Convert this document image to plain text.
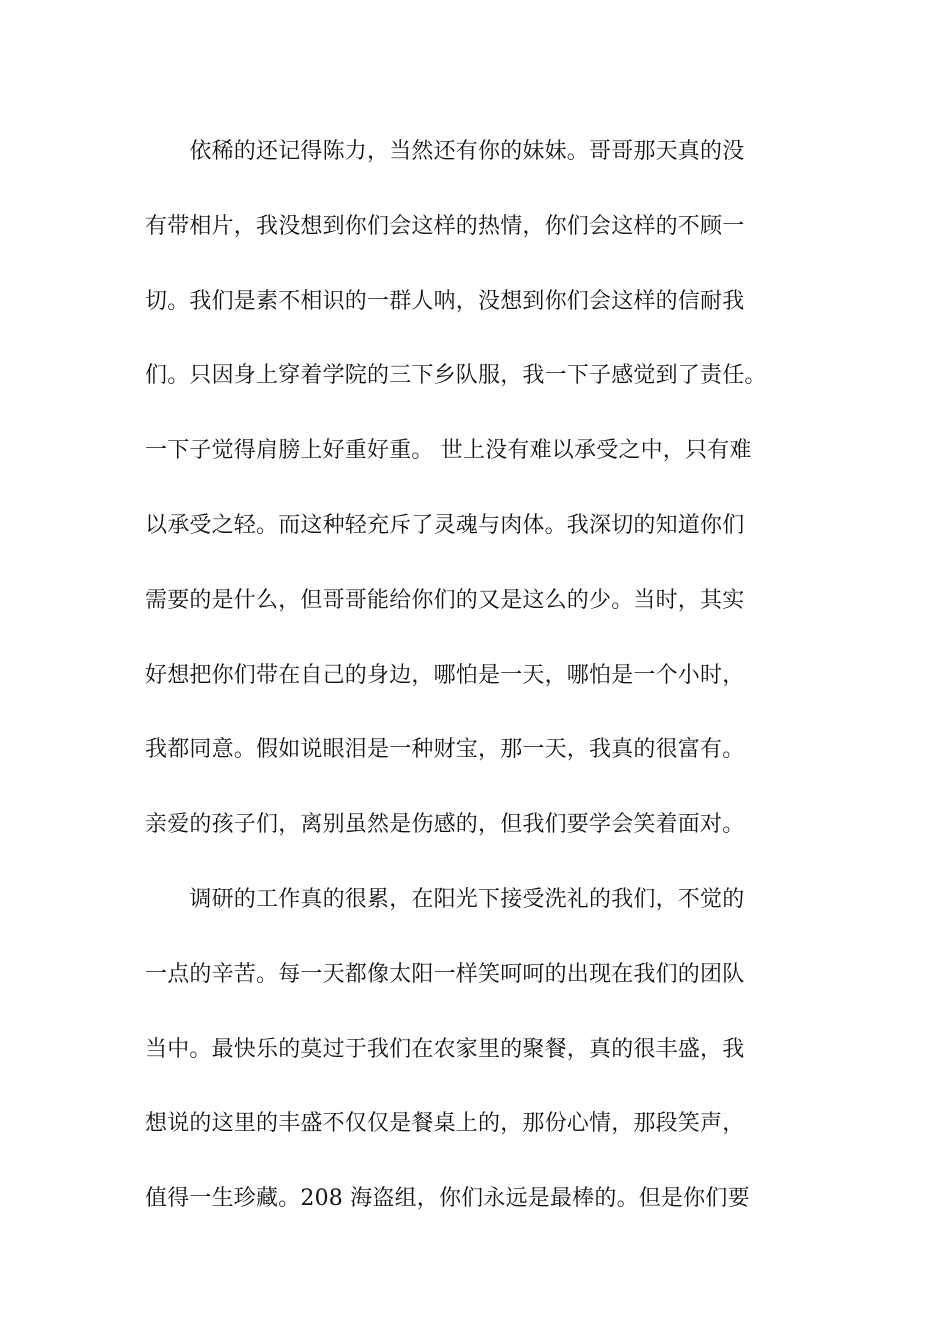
　　依稀的还记得陈力，当然还有你的妹妹。哥哥那天真的没
有带相片，我没想到你们会这样的热情，你们会这样的不顾一
切。我们是素不相识的一群人呐，没想到你们会这样的信耐我
们。只因身上穿着学院的三下乡队服，我一下子感觉到了责任。
一下子觉得肩膀上好重好重。 世上没有难以承受之中，只有难
以承受之轻。而这种轻充斥了灵魂与肉体。我深切的知道你们
需要的是什么，但哥哥能给你们的又是这么的少。当时，其实
好想把你们带在自己的身边，哪怕是一天，哪怕是一个小时，
我都同意。假如说眼泪是一种财宝，那一天，我真的很富有。
亲爱的孩子们，离别虽然是伤感的，但我们要学会笑着面对。
　　调研的工作真的很累，在阳光下接受洗礼的我们，不觉的
一点的辛苦。每一天都像太阳一样笑呵呵的出现在我们的团队
当中。最快乐的莫过于我们在农家里的聚餐，真的很丰盛，我
想说的这里的丰盛不仅仅是餐桌上的，那份心情，那段笑声，
值得一生珍藏。208 海盗组，你们永远是最棒的。但是你们要
